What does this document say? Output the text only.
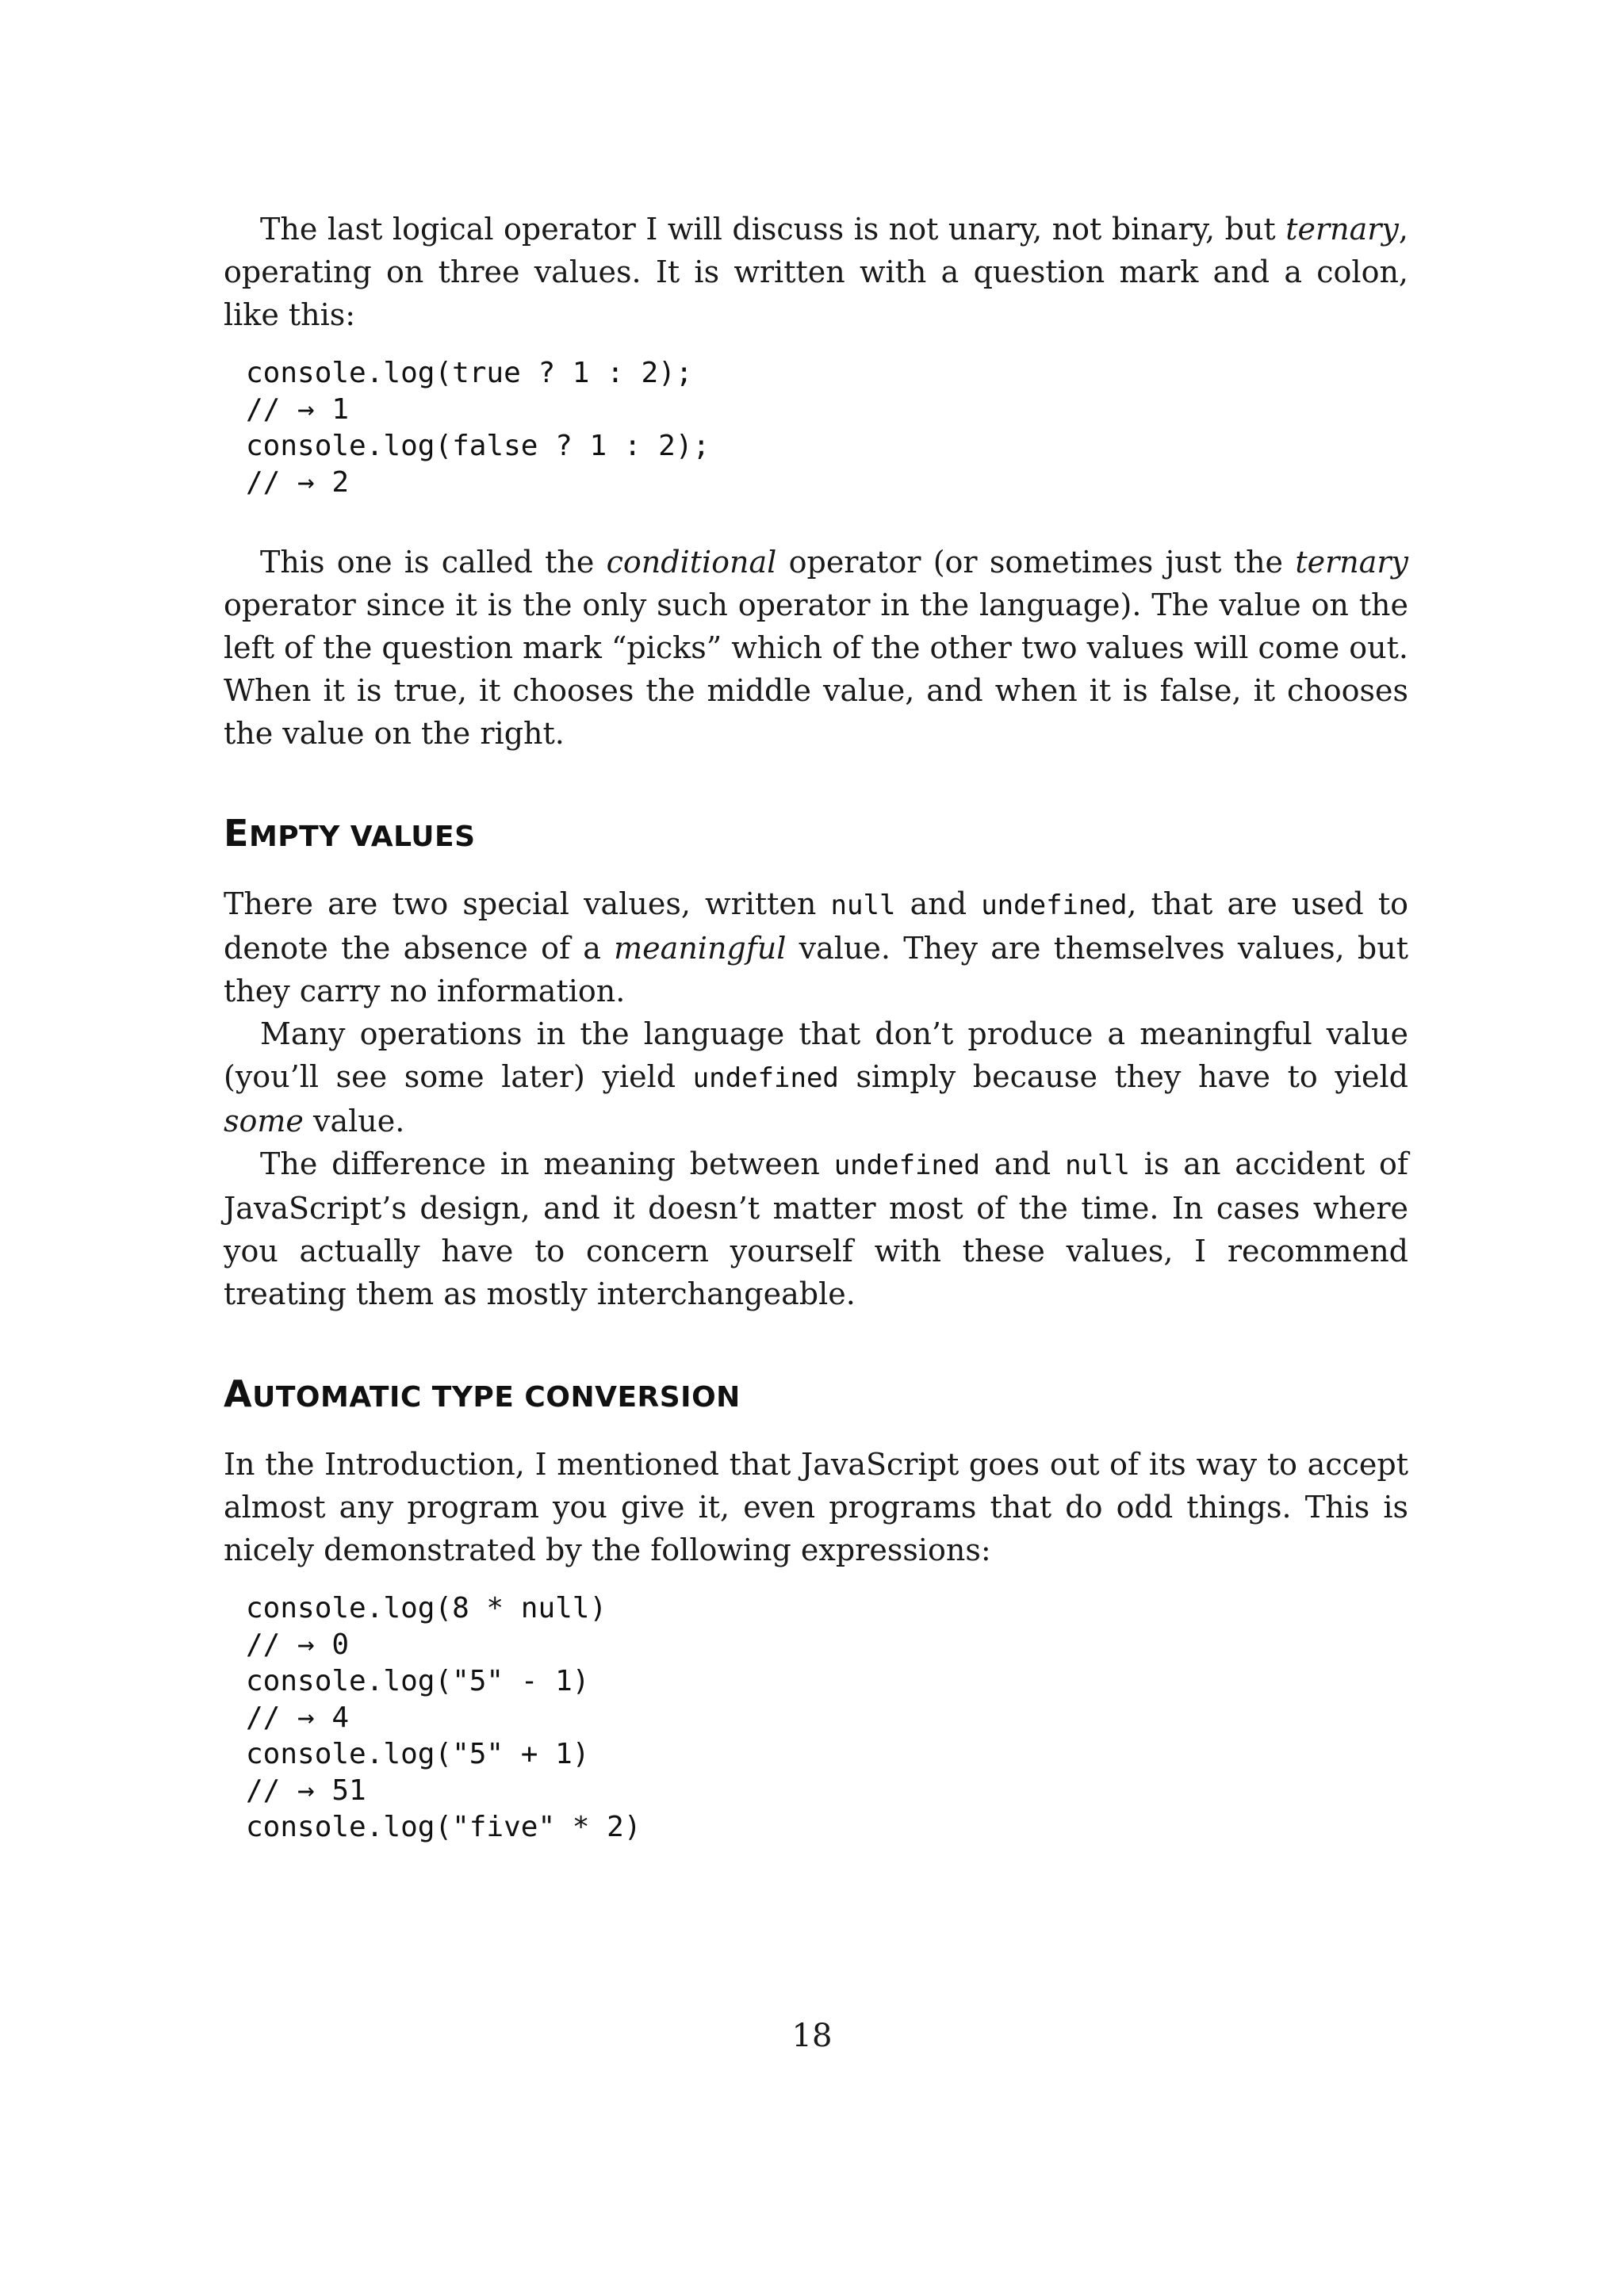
The last logical operator I will discuss is not unary, not binary, but ternary, operating on three values. It is written with a question mark and a colon, like this:

console.log(true ? 1 : 2);
// → 1
console.log(false ? 1 : 2);
// → 2

This one is called the conditional operator (or sometimes just the ternary operator since it is the only such operator in the language). The value on the left of the question mark “picks” which of the other two values will come out. When it is true, it chooses the middle value, and when it is false, it chooses the value on the right.

EMPTY VALUES

There are two special values, written null and undefined, that are used to denote the absence of a meaningful value. They are themselves values, but they carry no information.

Many operations in the language that don’t produce a meaningful value (you’ll see some later) yield undefined simply because they have to yield some value.

The difference in meaning between undefined and null is an accident of JavaScript’s design, and it doesn’t matter most of the time. In cases where you actually have to concern yourself with these values, I recommend treating them as mostly interchangeable.

AUTOMATIC TYPE CONVERSION

In the Introduction, I mentioned that JavaScript goes out of its way to accept almost any program you give it, even programs that do odd things. This is nicely demonstrated by the following expressions:

console.log(8 * null)
// → 0
console.log("5" - 1)
// → 4
console.log("5" + 1)
// → 51
console.log("five" * 2)
18
